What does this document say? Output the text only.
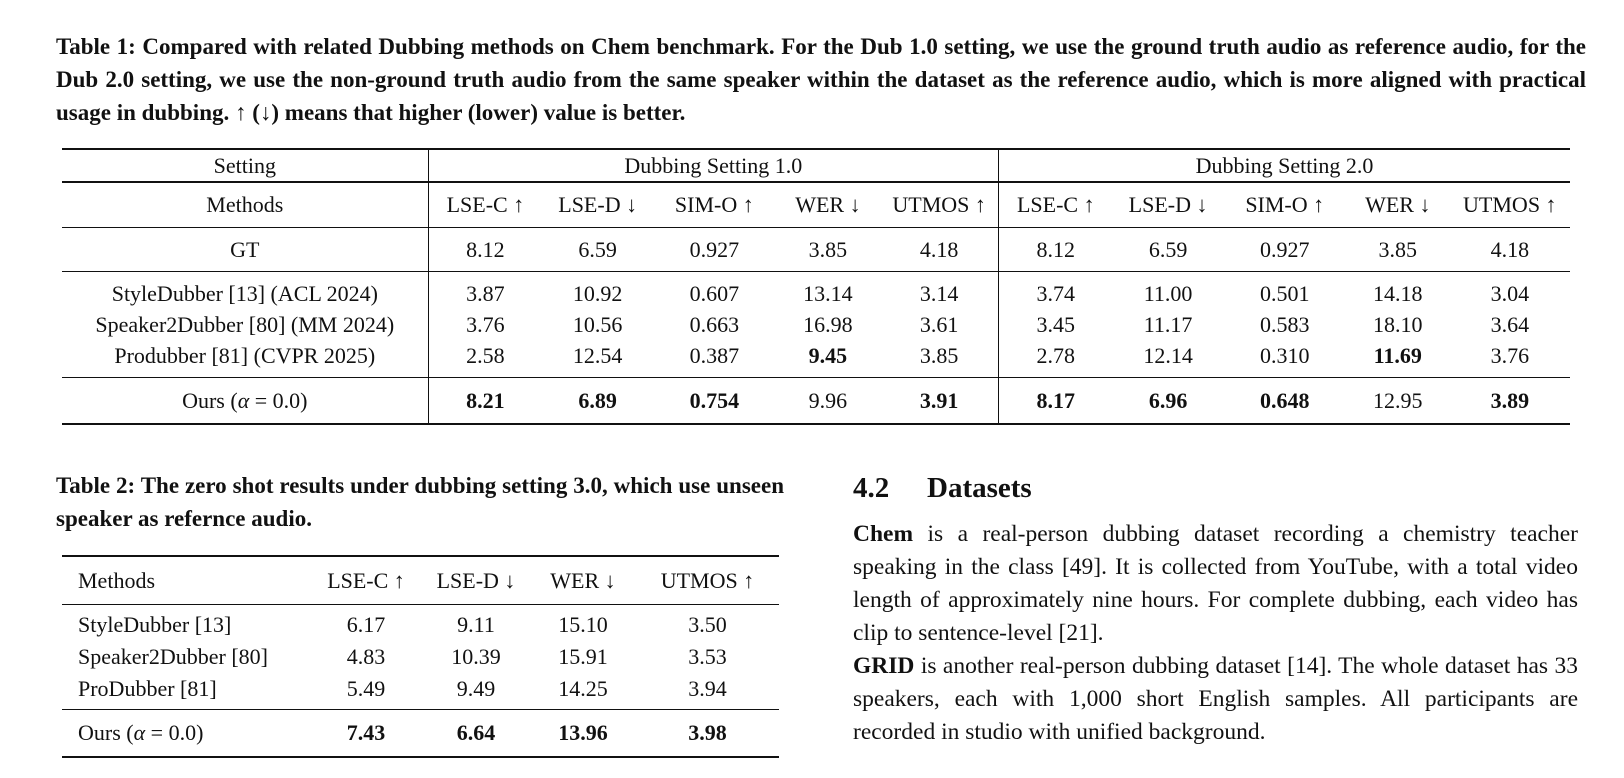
Table 1: Compared with related Dubbing methods on Chem benchmark. For the Dub 1.0 setting, we use the ground truth audio as reference audio, for the Dub 2.0 setting, we use the non-ground truth audio from the same speaker within the dataset as the reference audio, which is more aligned with practical usage in dubbing. ↑ (↓) means that higher (lower) value is better.
Setting	Dubbing Setting 1.0					Dubbing Setting 2.0				
Methods	LSE-C ↑	LSE-D ↓	SIM-O ↑	WER ↓	UTMOS ↑	LSE-C ↑	LSE-D ↓	SIM-O ↑	WER ↓	UTMOS ↑
GT	8.12	6.59	0.927	3.85	4.18	8.12	6.59	0.927	3.85	4.18
StyleDubber [13] (ACL 2024)	3.87	10.92	0.607	13.14	3.14	3.74	11.00	0.501	14.18	3.04
Speaker2Dubber [80] (MM 2024)	3.76	10.56	0.663	16.98	3.61	3.45	11.17	0.583	18.10	3.64
Produbber [81] (CVPR 2025)	2.58	12.54	0.387	9.45	3.85	2.78	12.14	0.310	11.69	3.76
Ours (α = 0.0)	8.21	6.89	0.754	9.96	3.91	8.17	6.96	0.648	12.95	3.89
Table 2: The zero shot results under dubbing setting 3.0, which use unseen speaker as refernce audio.
Methods	LSE-C ↑	LSE-D ↓	WER ↓	UTMOS ↑
StyleDubber [13]	6.17	9.11	15.10	3.50
Speaker2Dubber [80]	4.83	10.39	15.91	3.53
ProDubber [81]	5.49	9.49	14.25	3.94
Ours (α = 0.0)	7.43	6.64	13.96	3.98
4.2 Datasets

Chem is a real-person dubbing dataset recording a chemistry teacher speaking in the class [49]. It is collected from YouTube, with a total video length of approximately nine hours. For complete dubbing, each video has clip to sentence-level [21].

GRID is another real-person dubbing dataset [14]. The whole dataset has 33 speakers, each with 1,000 short English samples. All participants are recorded in studio with unified background.
